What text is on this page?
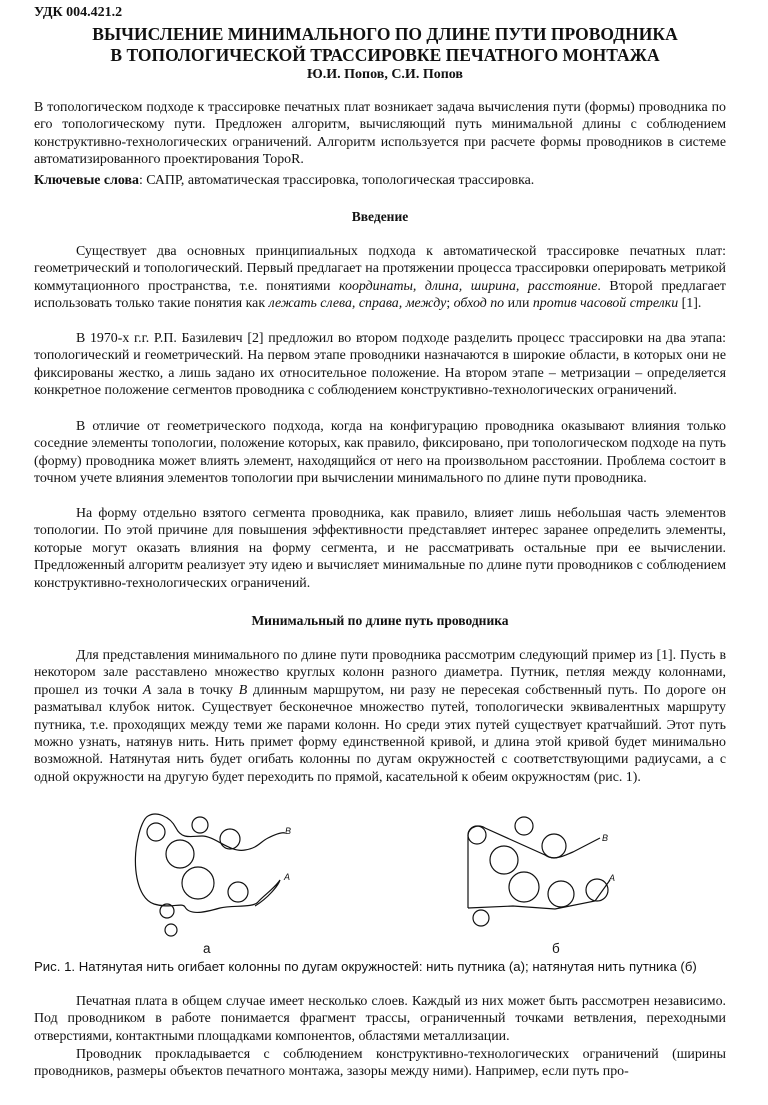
УДК 004.421.2
ВЫЧИСЛЕНИЕ МИНИМАЛЬНОГО ПО ДЛИНЕ ПУТИ ПРОВОДНИКА
В ТОПОЛОГИЧЕСКОЙ ТРАССИРОВКЕ ПЕЧАТНОГО МОНТАЖА
Ю.И. Попов, С.И. Попов
В топологическом подходе к трассировке печатных плат возникает задача вычисления пути (формы) проводника по его топологическому пути. Предложен алгоритм, вычисляющий путь минимальной длины с соблюдением конструктивно-технологических ограничений. Алгоритм используется при расчете формы проводников в системе автоматизированного проектирования TopoR.
Ключевые слова: САПР, автоматическая трассировка, топологическая трассировка.
Введение

Существует два основных принципиальных подхода к автоматической трассировке печатных плат: геометрический и топологический. Первый предлагает на протяжении процесса трассировки оперировать метрикой коммутационного пространства, т.е. понятиями координаты, длина, ширина, расстояние. Второй предлагает использовать только такие понятия как лежать слева, справа, между; обход по или против часовой стрелки [1].

В 1970-х г.г. Р.П. Базилевич [2] предложил во втором подходе разделить процесс трассировки на два этапа: топологический и геометрический. На первом этапе проводники назначаются в широкие области, в которых они не фиксированы жестко, а лишь задано их относительное положение. На втором этапе – метризации – определяется конкретное положение сегментов проводника с соблюдением конструктивно-технологических ограничений.

В отличие от геометрического подхода, когда на конфигурацию проводника оказывают влияния только соседние элементы топологии, положение которых, как правило, фиксировано, при топологическом подходе на путь (форму) проводника может влиять элемент, находящийся от него на произвольном расстоянии. Проблема состоит в точном учете влияния элементов топологии при вычислении минимального по длине пути проводника.

На форму отдельно взятого сегмента проводника, как правило, влияет лишь небольшая часть элементов топологии. По этой причине для повышения эффективности представляет интерес заранее определить элементы, которые могут оказать влияния на форму сегмента, и не рассматривать остальные при ее вычислении. Предложенный алгоритм реализует эту идею и вычисляет минимальные по длине пути проводников с соблюдением конструктивно-технологических ограничений.

Минимальный по длине путь проводника

Для представления минимального по длине пути проводника рассмотрим следующий пример из [1]. Пусть в некотором зале расставлено множество круглых колонн разного диаметра. Путник, петляя между колоннами, прошел из точки A зала в точку B длинным маршрутом, ни разу не пересекая собственный путь. По дороге он разматывал клубок ниток. Существует бесконечное множество путей, топологически эквивалентных маршруту путника, т.е. проходящих между теми же парами колонн. Но среди этих путей существует кратчайший. Этот путь можно узнать, натянув нить. Нить примет форму единственной кривой, и длина этой кривой будет минимально возможной. Натянутая нить будет огибать колонны по дугам окружностей с соответствующими радиусами, а с одной окружности на другую будет переходить по прямой, касательной к обеим окружностям (рис. 1).

B
A
B
A
а	б
Рис. 1. Натянутая нить огибает колонны по дугам окружностей: нить путника (а); натянутая нить путника (б)

Печатная плата в общем случае имеет несколько слоев. Каждый из них может быть рассмотрен независимо. Под проводником в работе понимается фрагмент трассы, ограниченный точками ветвления, переходными отверстиями, контактными площадками компонентов, областями металлизации.

Проводник прокладывается с соблюдением конструктивно-технологических ограничений (ширины проводников, размеры объектов печатного монтажа, зазоры между ними). Например, если путь про-
